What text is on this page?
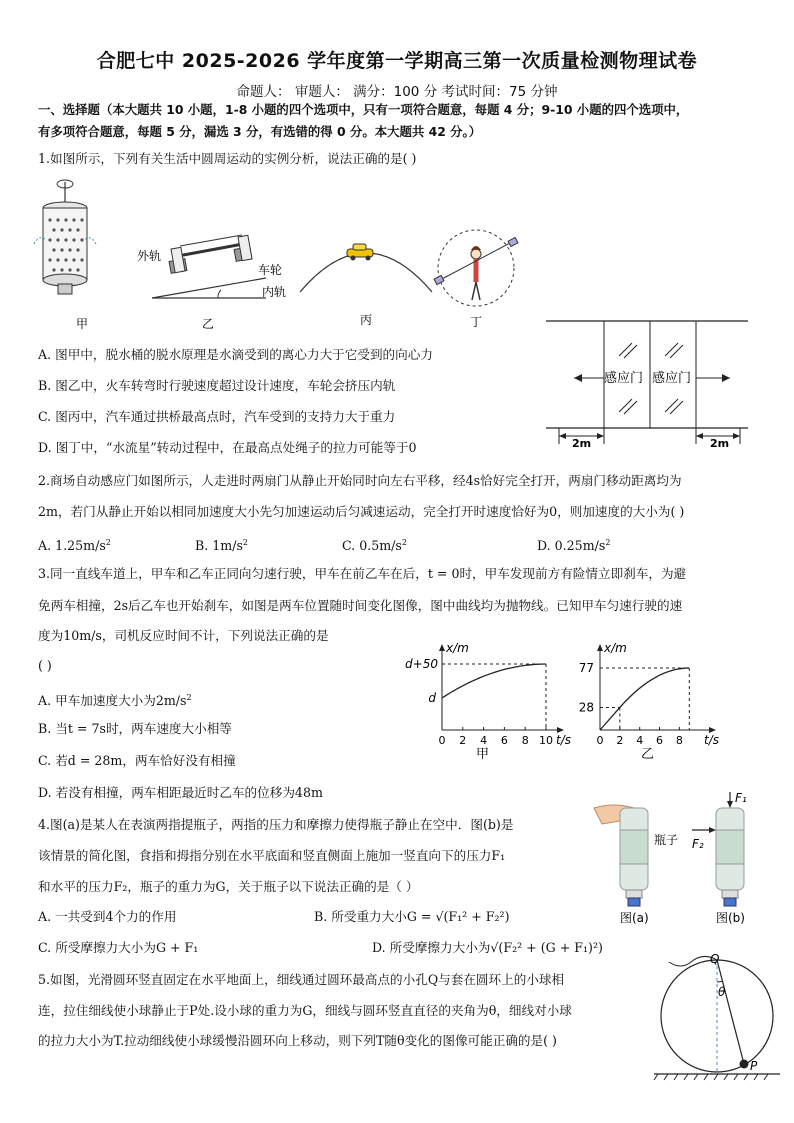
合肥七中 2025-2026 学年度第一学期高三第一次质量检测物理试卷
命题人： 审题人： 满分：100 分 考试时间：75 分钟
一、选择题（本大题共 10 小题，1-8 小题的四个选项中，只有一项符合题意，每题 4 分；9-10 小题的四个选项中，
有多项符合题意，每题 5 分，漏选 3 分，有选错的得 0 分。本大题共 42 分。）
1.如图所示，下列有关生活中圆周运动的实例分析，说法正确的是( )
外轨
车轮
内轨
甲	乙	丙	丁
感应门 感应门
2m	2m
A. 图甲中，脱水桶的脱水原理是水滴受到的离心力大于它受到的向心力
B. 图乙中，火车转弯时行驶速度超过设计速度，车轮会挤压内轨
C. 图丙中，汽车通过拱桥最高点时，汽车受到的支持力大于重力
D. 图丁中，“水流星”转动过程中，在最高点处绳子的拉力可能等于0
2.商场自动感应门如图所示，人走进时两扇门从静止开始同时向左右平移，经4s恰好完全打开，两扇门移动距离均为
2m，若门从静止开始以相同加速度大小先匀加速运动后匀减速运动，完全打开时速度恰好为0，则加速度的大小为( )
A. $1.25m/s^2$	B. $1m/s^2$	C. $0.5m/s^2$	D. $0.25m/s^2$
3.同一直线车道上，甲车和乙车正同向匀速行驶，甲车在前乙车在后，t = 0时，甲车发现前方有险情立即刹车，为避
免两车相撞，2s后乙车也开始刹车，如图是两车位置随时间变化图像，图中曲线均为抛物线。已知甲车匀速行驶的速
度为10m/s，司机反应时间不计，下列说法正确的是
( )
A. 甲车加速度大小为$2m/s^2$
B. 当t = 7s时，两车速度大小相等
C. 若d = 28m，两车恰好没有相撞
D. 若没有相撞，两车相距最近时乙车的位移为48m
0 2 4 6 8 10
d
d+50
x/m
t/s
甲
0 2 4 6 8
28
77
x/m
t/s
乙
4.图(a)是某人在表演两指提瓶子，两指的压力和摩擦力使得瓶子静止在空中．图(b)是
该情景的简化图，食指和拇指分别在水平底面和竖直侧面上施加一竖直向下的压力F₁
和水平的压力F₂，瓶子的重力为G，关于瓶子以下说法正确的是（ ）
A. 一共受到4个力的作用	B. 所受重力大小G = √(F₁² + F₂²)
C. 所受摩擦力大小为G + F₁	D. 所受摩擦力大小为√(F₂² + (G + F₁)²)
瓶子
图(a)
F₁
F₂
图(b)
5.如图，光滑圆环竖直固定在水平地面上，细线通过圆环最高点的小孔Q与套在圆环上的小球相
连，拉住细线使小球静止于P处.设小球的重力为G，细线与圆环竖直直径的夹角为θ，细线对小球
的拉力大小为T.拉动细线使小球缓慢沿圆环向上移动，则下列T随θ变化的图像可能正确的是( )
Q
P
θ
